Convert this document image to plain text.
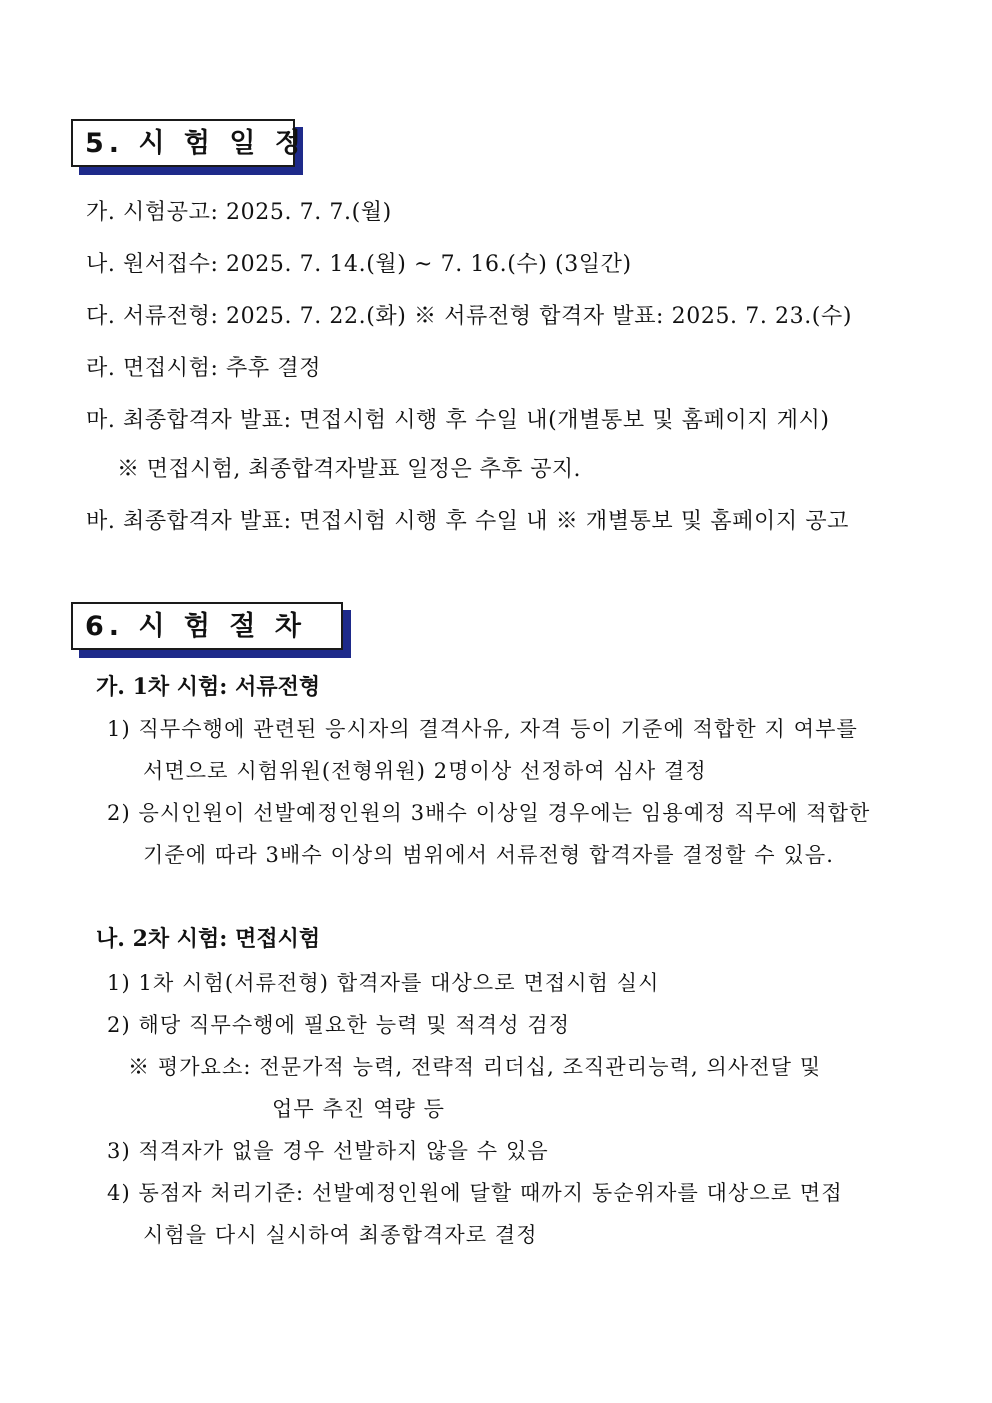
5. 시 험 일 정
가. 시험공고: 2025. 7. 7.(월)
나. 원서접수: 2025. 7. 14.(월) ~ 7. 16.(수) (3일간)
다. 서류전형: 2025. 7. 22.(화) ※ 서류전형 합격자 발표: 2025. 7. 23.(수)
라. 면접시험: 추후 결정
마. 최종합격자 발표: 면접시험 시행 후 수일 내(개별통보 및 홈페이지 게시)
※ 면접시험, 최종합격자발표 일정은 추후 공지.
바. 최종합격자 발표: 면접시험 시행 후 수일 내 ※ 개별통보 및 홈페이지 공고
6. 시 험 절 차
가. 1차 시험: 서류전형
1) 직무수행에 관련된 응시자의 결격사유, 자격 등이 기준에 적합한 지 여부를
서면으로 시험위원(전형위원) 2명이상 선정하여 심사 결정
2) 응시인원이 선발예정인원의 3배수 이상일 경우에는 임용예정 직무에 적합한
기준에 따라 3배수 이상의 범위에서 서류전형 합격자를 결정할 수 있음.
나. 2차 시험: 면접시험
1) 1차 시험(서류전형) 합격자를 대상으로 면접시험 실시
2) 해당 직무수행에 필요한 능력 및 적격성 검정
※ 평가요소: 전문가적 능력, 전략적 리더십, 조직관리능력, 의사전달 및
업무 추진 역량 등
3) 적격자가 없을 경우 선발하지 않을 수 있음
4) 동점자 처리기준: 선발예정인원에 달할 때까지 동순위자를 대상으로 면접
시험을 다시 실시하여 최종합격자로 결정
